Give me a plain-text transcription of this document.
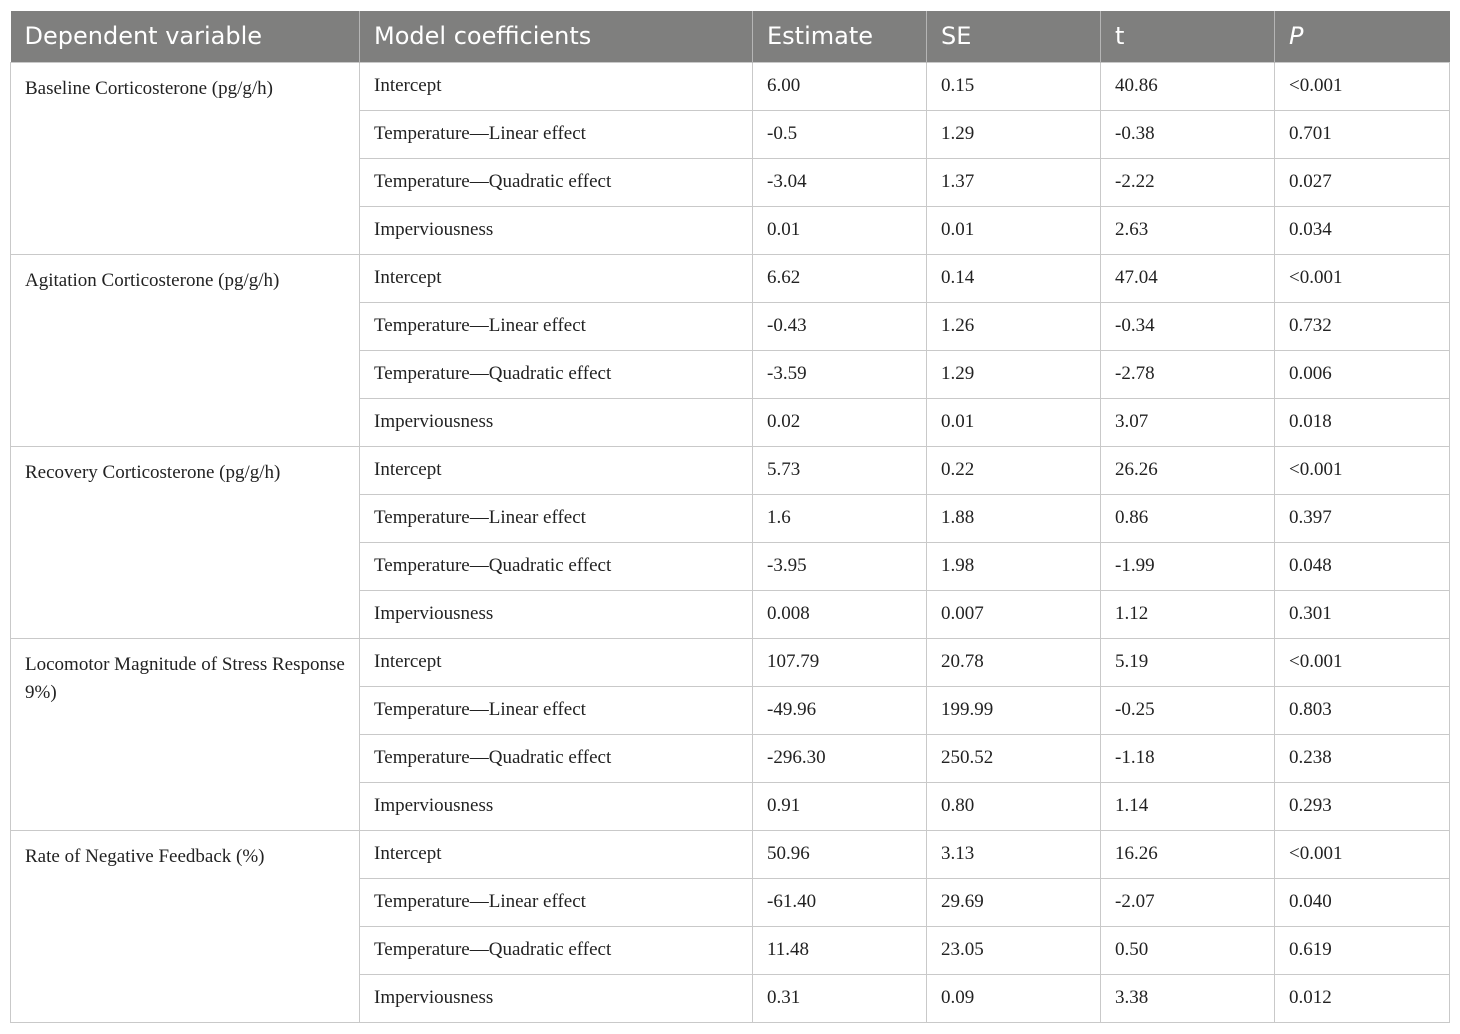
Dependent variable	Model coefficients	Estimate	SE	t	P
Baseline Corticosterone (pg/g/h)	Intercept	6.00	0.15	40.86	<0.001
	Temperature—Linear effect	-0.5	1.29	-0.38	0.701
	Temperature—Quadratic effect	-3.04	1.37	-2.22	0.027
	Imperviousness	0.01	0.01	2.63	0.034
Agitation Corticosterone (pg/g/h)	Intercept	6.62	0.14	47.04	<0.001
	Temperature—Linear effect	-0.43	1.26	-0.34	0.732
	Temperature—Quadratic effect	-3.59	1.29	-2.78	0.006
	Imperviousness	0.02	0.01	3.07	0.018
Recovery Corticosterone (pg/g/h)	Intercept	5.73	0.22	26.26	<0.001
	Temperature—Linear effect	1.6	1.88	0.86	0.397
	Temperature—Quadratic effect	-3.95	1.98	-1.99	0.048
	Imperviousness	0.008	0.007	1.12	0.301
Locomotor Magnitude of Stress Response 9%)	Intercept	107.79	20.78	5.19	<0.001
	Temperature—Linear effect	-49.96	199.99	-0.25	0.803
	Temperature—Quadratic effect	-296.30	250.52	-1.18	0.238
	Imperviousness	0.91	0.80	1.14	0.293
Rate of Negative Feedback (%)	Intercept	50.96	3.13	16.26	<0.001
	Temperature—Linear effect	-61.40	29.69	-2.07	0.040
	Temperature—Quadratic effect	11.48	23.05	0.50	0.619
	Imperviousness	0.31	0.09	3.38	0.012
